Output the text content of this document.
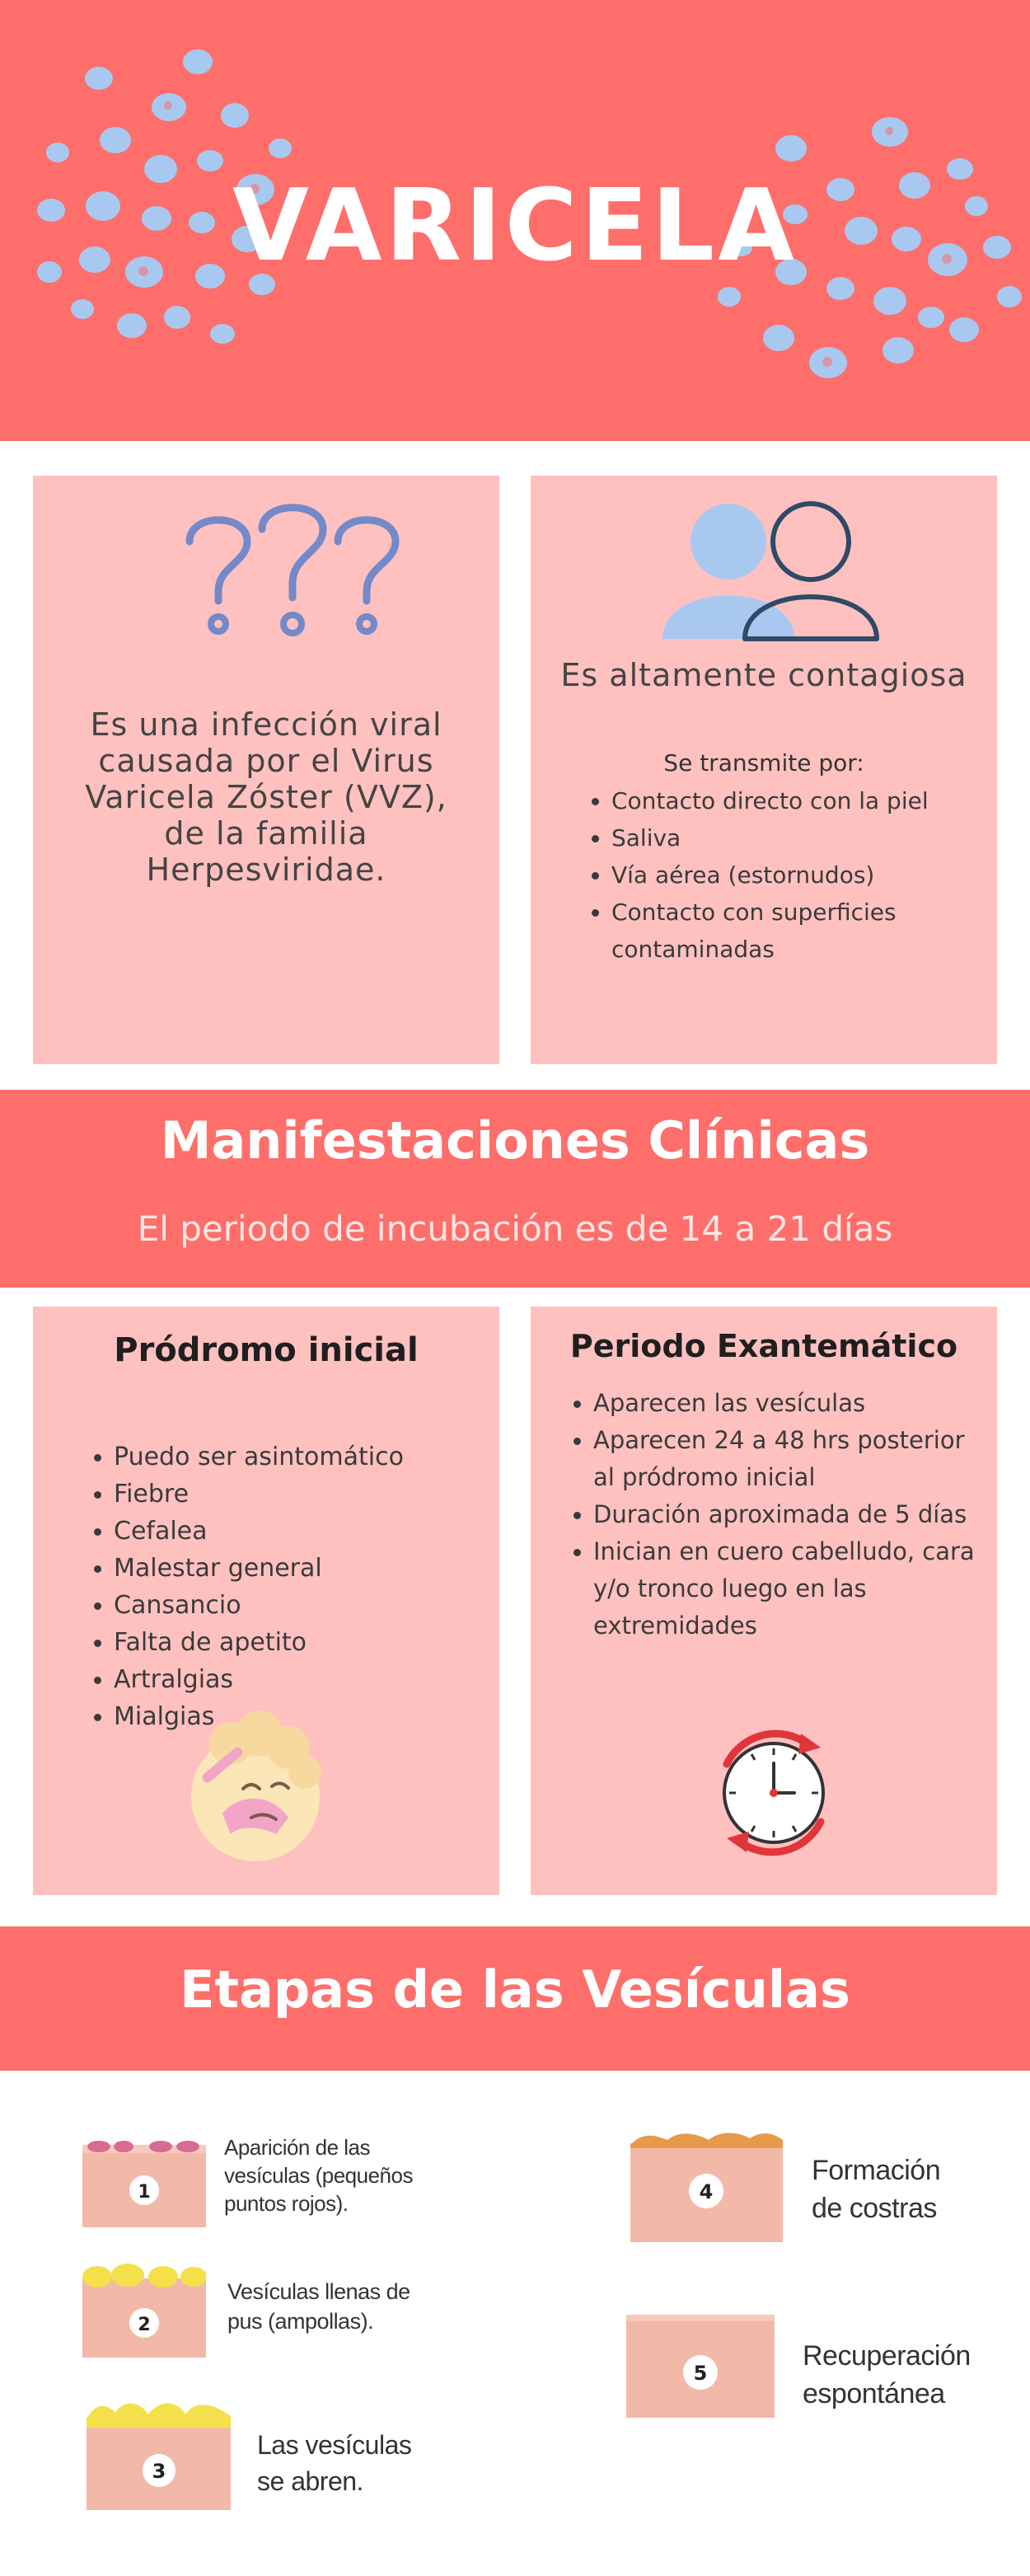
VARICELA
Es una infección viral causada por el Virus Varicela Zóster (VVZ), de la familia Herpesviridae.
Es altamente contagiosa
Se transmite por:
Contacto directo con la piel
Saliva
Vía aérea (estornudos)
Contacto con superficies contaminadas
Manifestaciones Clínicas
El periodo de incubación es de 14 a 21 días
Pródromo inicial
Puedo ser asintomático
Fiebre
Cefalea
Malestar general
Cansancio
Falta de apetito
Artralgias
Mialgias
Periodo Exantemático
Aparecen las vesículas
Aparecen 24 a 48 hrs posterior al pródromo inicial
Duración aproximada de 5 días
Inician en cuero cabelludo, cara y/o tronco luego en las extremidades
Etapas de las Vesículas
1
Aparición de las vesículas (pequeños puntos rojos).
2
Vesículas llenas de pus (ampollas).
3
Las vesículas se abren.
4
Formación de costras
5
Recuperación espontánea
